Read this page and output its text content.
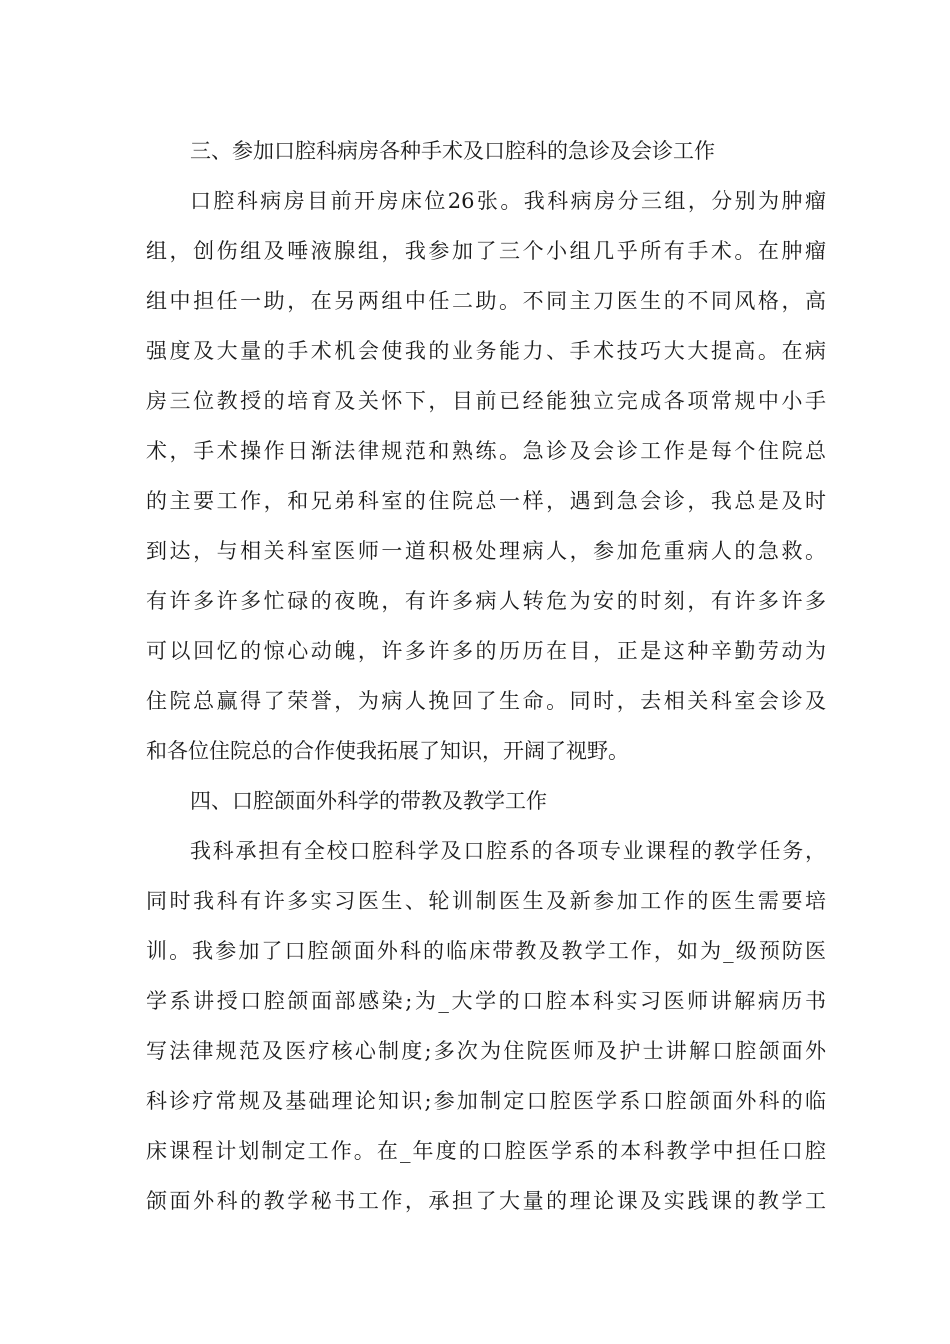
三、参加口腔科病房各种手术及口腔科的急诊及会诊工作
口腔科病房目前开房床位26张。我科病房分三组，分别为肿瘤
组，创伤组及唾液腺组，我参加了三个小组几乎所有手术。在肿瘤
组中担任一助，在另两组中任二助。不同主刀医生的不同风格，高
强度及大量的手术机会使我的业务能力、手术技巧大大提高。在病
房三位教授的培育及关怀下，目前已经能独立完成各项常规中小手
术，手术操作日渐法律规范和熟练。急诊及会诊工作是每个住院总
的主要工作，和兄弟科室的住院总一样，遇到急会诊，我总是及时
到达，与相关科室医师一道积极处理病人，参加危重病人的急救。
有许多许多忙碌的夜晚，有许多病人转危为安的时刻，有许多许多
可以回忆的惊心动魄，许多许多的历历在目，正是这种辛勤劳动为
住院总赢得了荣誉，为病人挽回了生命。同时，去相关科室会诊及
和各位住院总的合作使我拓展了知识，开阔了视野。
四、口腔颌面外科学的带教及教学工作
我科承担有全校口腔科学及口腔系的各项专业课程的教学任务，
同时我科有许多实习医生、轮训制医生及新参加工作的医生需要培
训。我参加了口腔颌面外科的临床带教及教学工作，如为_级预防医
学系讲授口腔颌面部感染;为_大学的口腔本科实习医师讲解病历书
写法律规范及医疗核心制度;多次为住院医师及护士讲解口腔颌面外
科诊疗常规及基础理论知识;参加制定口腔医学系口腔颌面外科的临
床课程计划制定工作。在_年度的口腔医学系的本科教学中担任口腔
颌面外科的教学秘书工作，承担了大量的理论课及实践课的教学工
